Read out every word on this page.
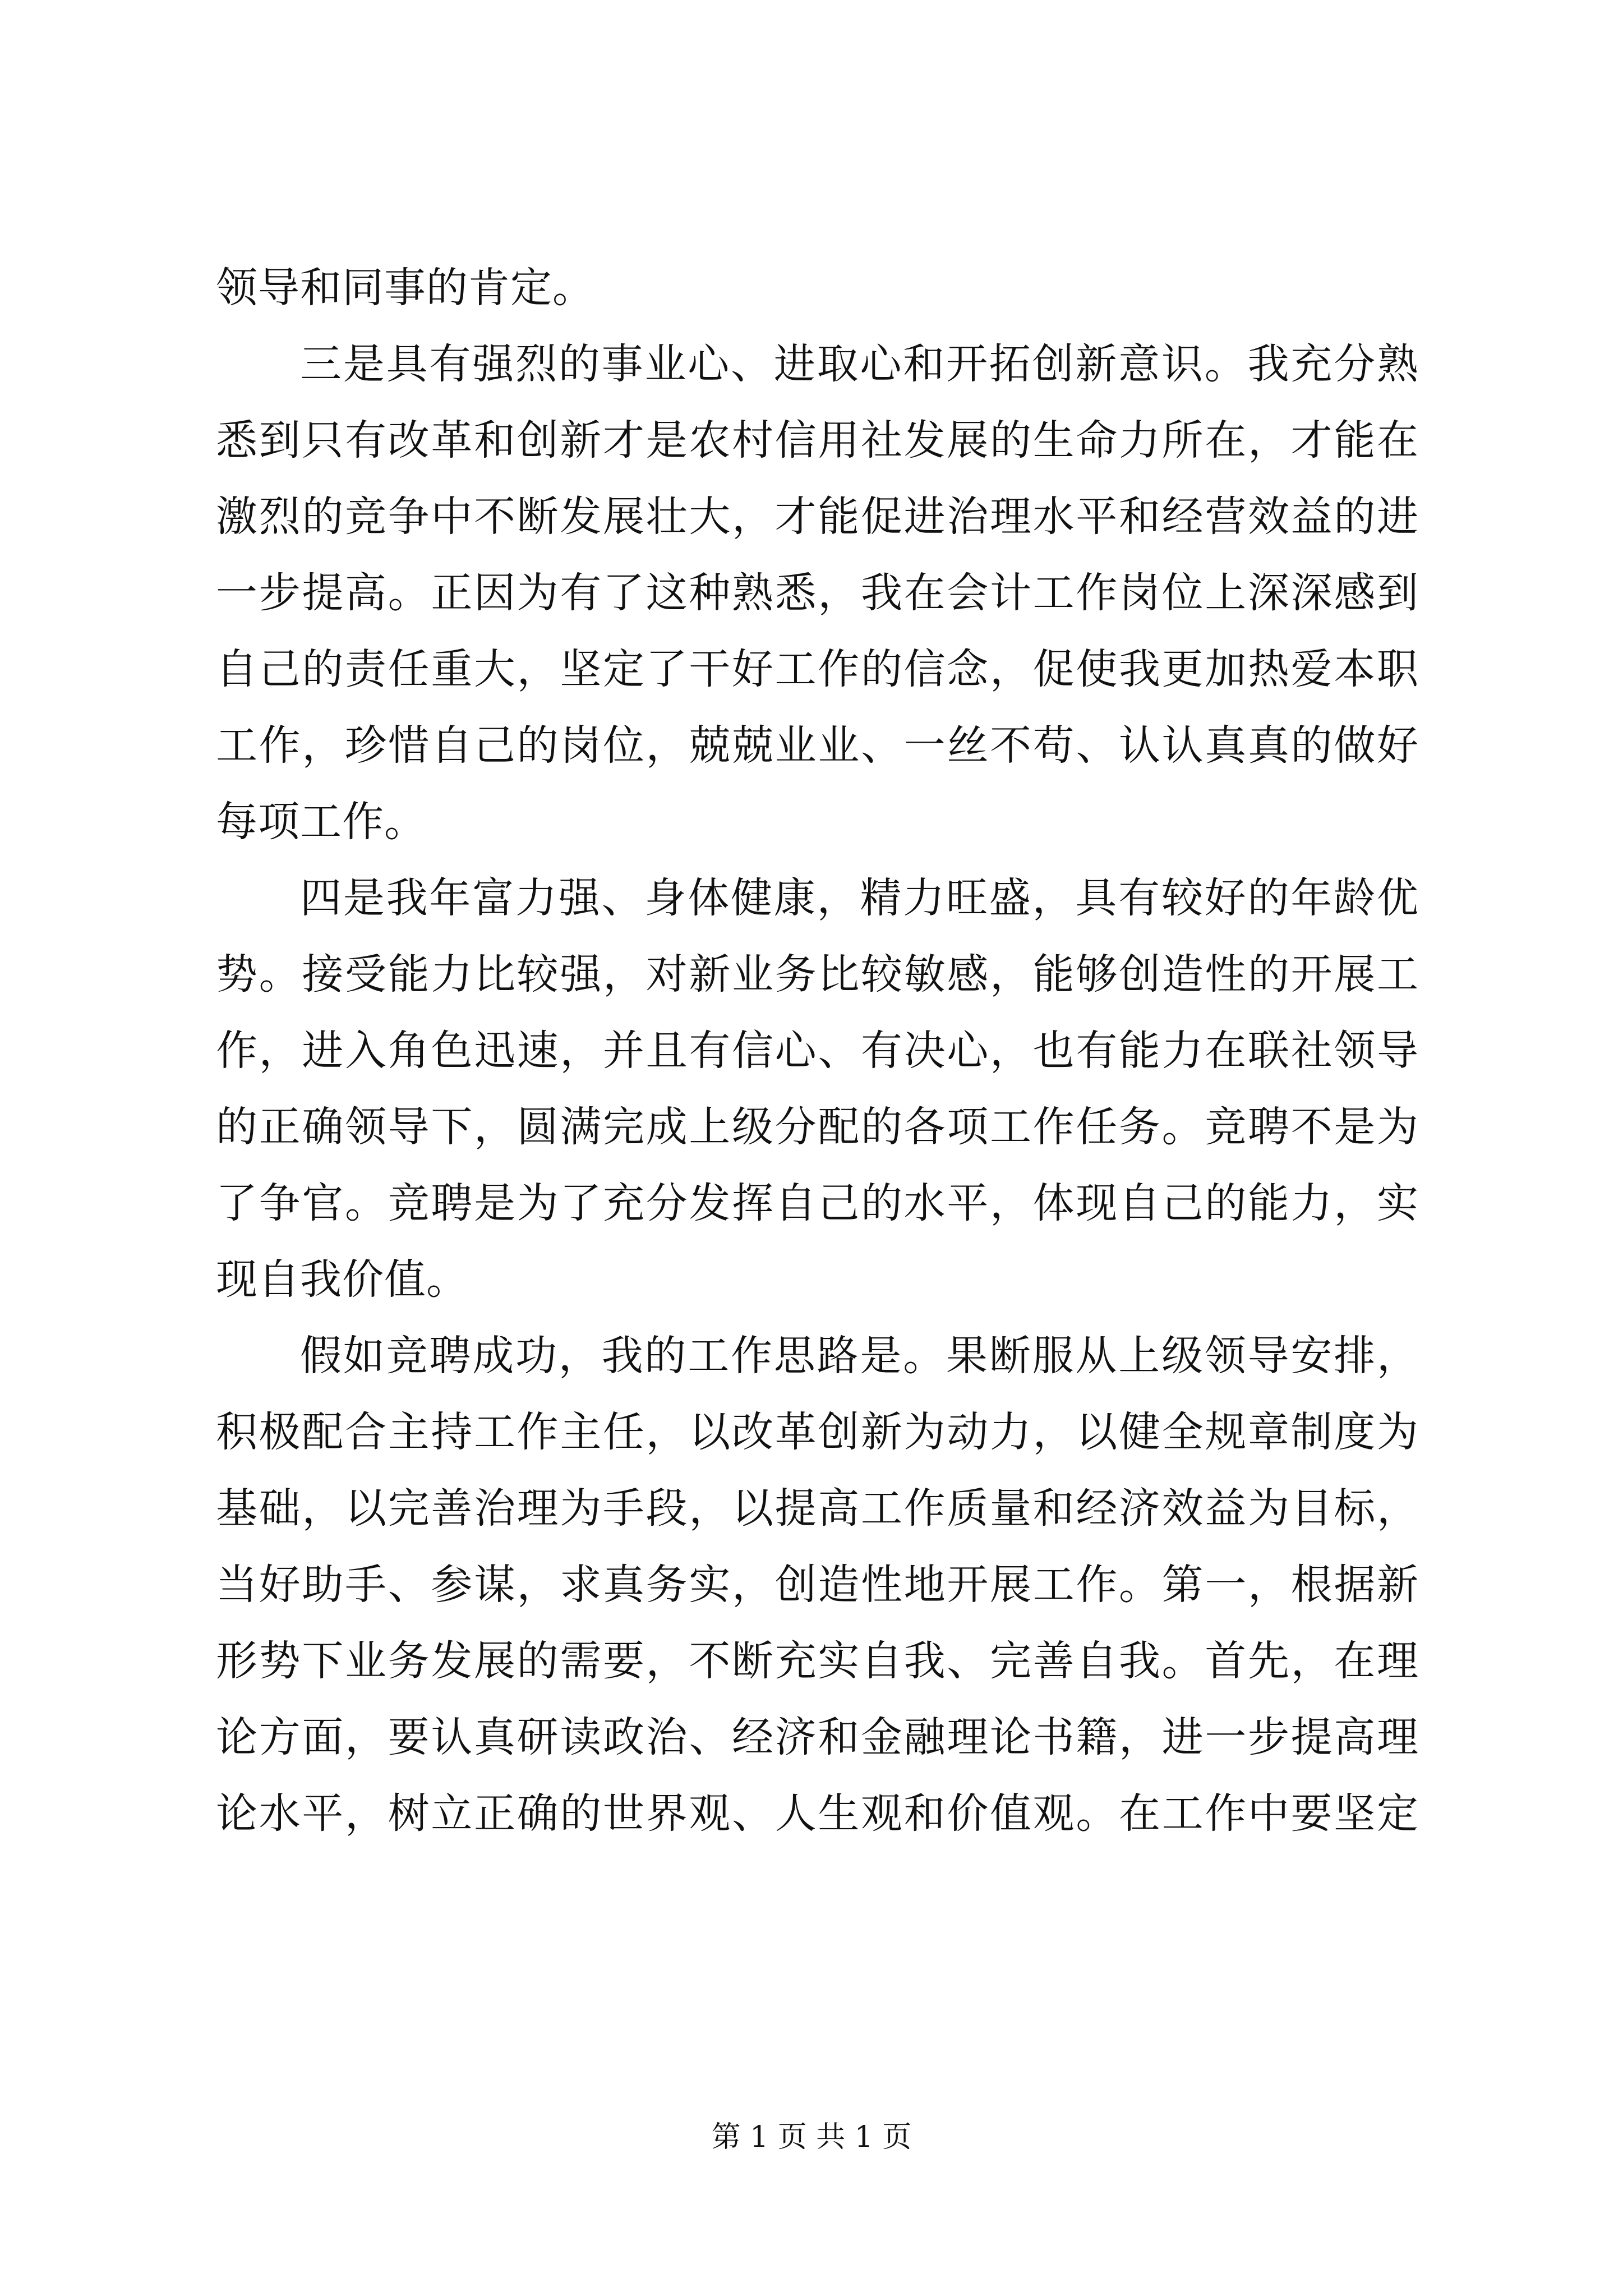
领导和同事的肯定。
三是具有强烈的事业心、进取心和开拓创新意识。我充分熟
悉到只有改革和创新才是农村信用社发展的生命力所在，才能在
激烈的竞争中不断发展壮大，才能促进治理水平和经营效益的进
一步提高。正因为有了这种熟悉，我在会计工作岗位上深深感到
自己的责任重大，坚定了干好工作的信念，促使我更加热爱本职
工作，珍惜自己的岗位，兢兢业业、一丝不苟、认认真真的做好
每项工作。
四是我年富力强、身体健康，精力旺盛，具有较好的年龄优
势。接受能力比较强，对新业务比较敏感，能够创造性的开展工
作，进入角色迅速，并且有信心、有决心，也有能力在联社领导
的正确领导下，圆满完成上级分配的各项工作任务。竞聘不是为
了争官。竞聘是为了充分发挥自己的水平，体现自己的能力，实
现自我价值。
假如竞聘成功，我的工作思路是。果断服从上级领导安排，
积极配合主持工作主任，以改革创新为动力，以健全规章制度为
基础，以完善治理为手段，以提高工作质量和经济效益为目标，
当好助手、参谋，求真务实，创造性地开展工作。第一，根据新
形势下业务发展的需要，不断充实自我、完善自我。首先，在理
论方面，要认真研读政治、经济和金融理论书籍，进一步提高理
论水平，树立正确的世界观、人生观和价值观。在工作中要坚定
第 1 页 共 1 页
